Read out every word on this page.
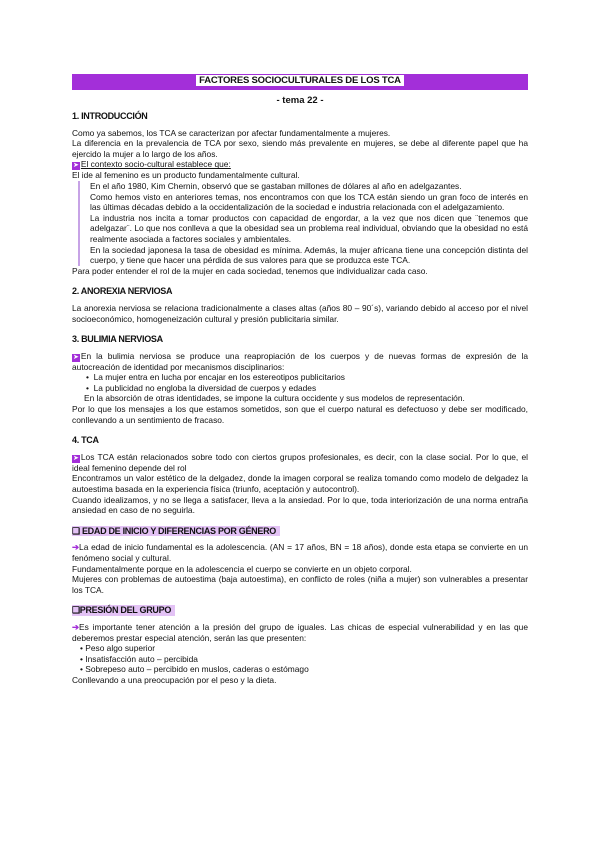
FACTORES SOCIOCULTURALES DE LOS TCA
- tema 22 -
1. INTRODUCCIÓN

Como ya sabemos, los TCA se caracterizan por afectar fundamentalmente a mujeres.

La diferencia en la prevalencia de TCA por sexo, siendo más prevalente en mujeres, se debe al diferente papel que ha ejercido la mujer a lo largo de los años.

➤ El contexto socio-cultural establece que:

El ide al femenino es un producto fundamentalmente cultural.

En el año 1980, Kim Chernin, observó que se gastaban millones de dólares al año en adelgazantes.

Como hemos visto en anteriores temas, nos encontramos con que los TCA están siendo un gran foco de interés en las últimas décadas debido a la occidentalización de la sociedad e industria relacionada con el adelgazamiento.

La industria nos incita a tomar productos con capacidad de engordar, a la vez que nos dicen que ¨tenemos que adelgazar¨. Lo que nos conlleva a que la obesidad sea un problema real individual, obviando que la obesidad no está realmente asociada a factores sociales y ambientales.

En la sociedad japonesa la tasa de obesidad es mínima. Además, la mujer africana tiene una concepción distinta del cuerpo, y tiene que hacer una pérdida de sus valores para que se produzca este TCA.

Para poder entender el rol de la mujer en cada sociedad, tenemos que individualizar cada caso.

2. ANOREXIA NERVIOSA

La anorexia nerviosa se relaciona tradicionalmente a clases altas (años 80 – 90´s), variando debido al acceso por el nivel socioeconómico, homogeneización cultural y presión publicitaria similar.

3. BULIMIA NERVIOSA

➤ En la bulimia nerviosa se produce una reapropiación de los cuerpos y de nuevas formas de expresión de la autocreación de identidad por mecanismos disciplinarios:

•  La mujer entra en lucha por encajar en los estereotipos publicitarios

•  La publicidad no engloba la diversidad de cuerpos y edades

En la absorción de otras identidades, se impone la cultura occidente y sus modelos de representación.

Por lo que los mensajes a los que estamos sometidos, son que el cuerpo natural es defectuoso y debe ser modificado, conllevando a un sentimiento de fracaso.

4. TCA

➤ Los TCA están relacionados sobre todo con ciertos grupos profesionales, es decir, con la clase social. Por lo que, el ideal femenino depende del rol

Encontramos un valor estético de la delgadez, donde la imagen corporal se realiza tomando como modelo de delgadez la autoestima basada en la experiencia física (triunfo, aceptación y autocontrol).

Cuando idealizamos, y no se llega a satisfacer, lleva a la ansiedad. Por lo que, toda interiorización de una norma entraña ansiedad en caso de no seguirla.

❑ EDAD DE INICIO Y DIFERENCIAS POR GÉNERO

➔La edad de inicio fundamental es la adolescencia. (AN = 17 años, BN = 18 años), donde esta etapa se convierte en un fenómeno social y cultural.

Fundamentalmente porque en la adolescencia el cuerpo se convierte en un objeto corporal.

Mujeres con problemas de autoestima (baja autoestima), en conflicto de roles (niña a mujer) son vulnerables a presentar los TCA.

❑PRESIÓN DEL GRUPO

➔Es importante tener atención a la presión del grupo de iguales. Las chicas de especial vulnerabilidad y en las que deberemos prestar especial atención, serán las que presenten:

• Peso algo superior

• Insatisfacción auto – percibida

• Sobrepeso auto – percibido en muslos, caderas o estómago

Conllevando a una preocupación por el peso y la dieta.
